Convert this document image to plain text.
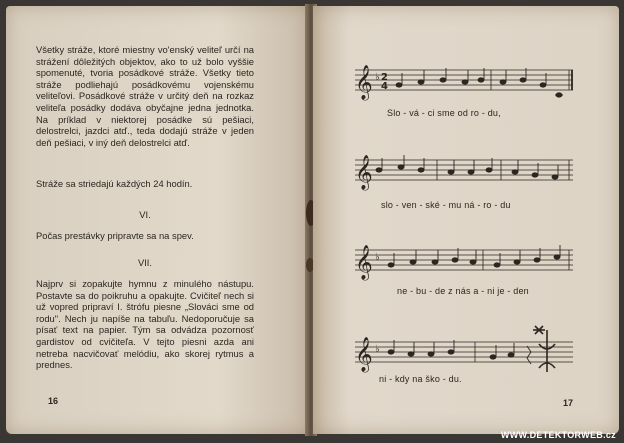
Všetky stráže, ktoré miestny vo'enský veliteľ určí na strážení dôležitých objektov, ako to už bolo vyššie spomenuté, tvoria posádkové stráže. Všetky tieto stráže podliehajú posádkovému vojenskému veliteľovi. Posádkové stráže v určitý deň na rozkaz veliteľa posádky dodáva obyčajne jedna jednotka. Na príklad v niektorej posádke sú pešiaci, delostrelci, jazdci atď., teda dodajú stráže v jeden deň pešiaci, v iný deň delostrelci atď.

Stráže sa striedajú každých 24 hodín.

VI.

Počas prestávky pripravte sa na spev.

VII.

Najprv si zopakujte hymnu z minulého nástupu. Postavte sa do poikruhu a opakujte. Cvičiteľ nech si už vopred pripraví I. štrófu piesne „Slováci sme od rodu". Nech ju napíše na tabuľu. Nedoporučuje sa písať text na papier. Tým sa odvádza pozornosť gardistov od cvičiteľa. V tejto piesni azda ani netreba nacvičovať melódiu, ako skorej rytmus a prednes.

16
𝄞 ♭ 2
4
Slo - vá - ci sme od ro - du,
𝄞
slo - ven - ské - mu ná - ro - du
𝄞 ♭
ne - bu - de z nás a - ni je - den
𝄞 ♭
ni - kdy na ško - du.
17
WWW.DETEKTORWEB.cz
